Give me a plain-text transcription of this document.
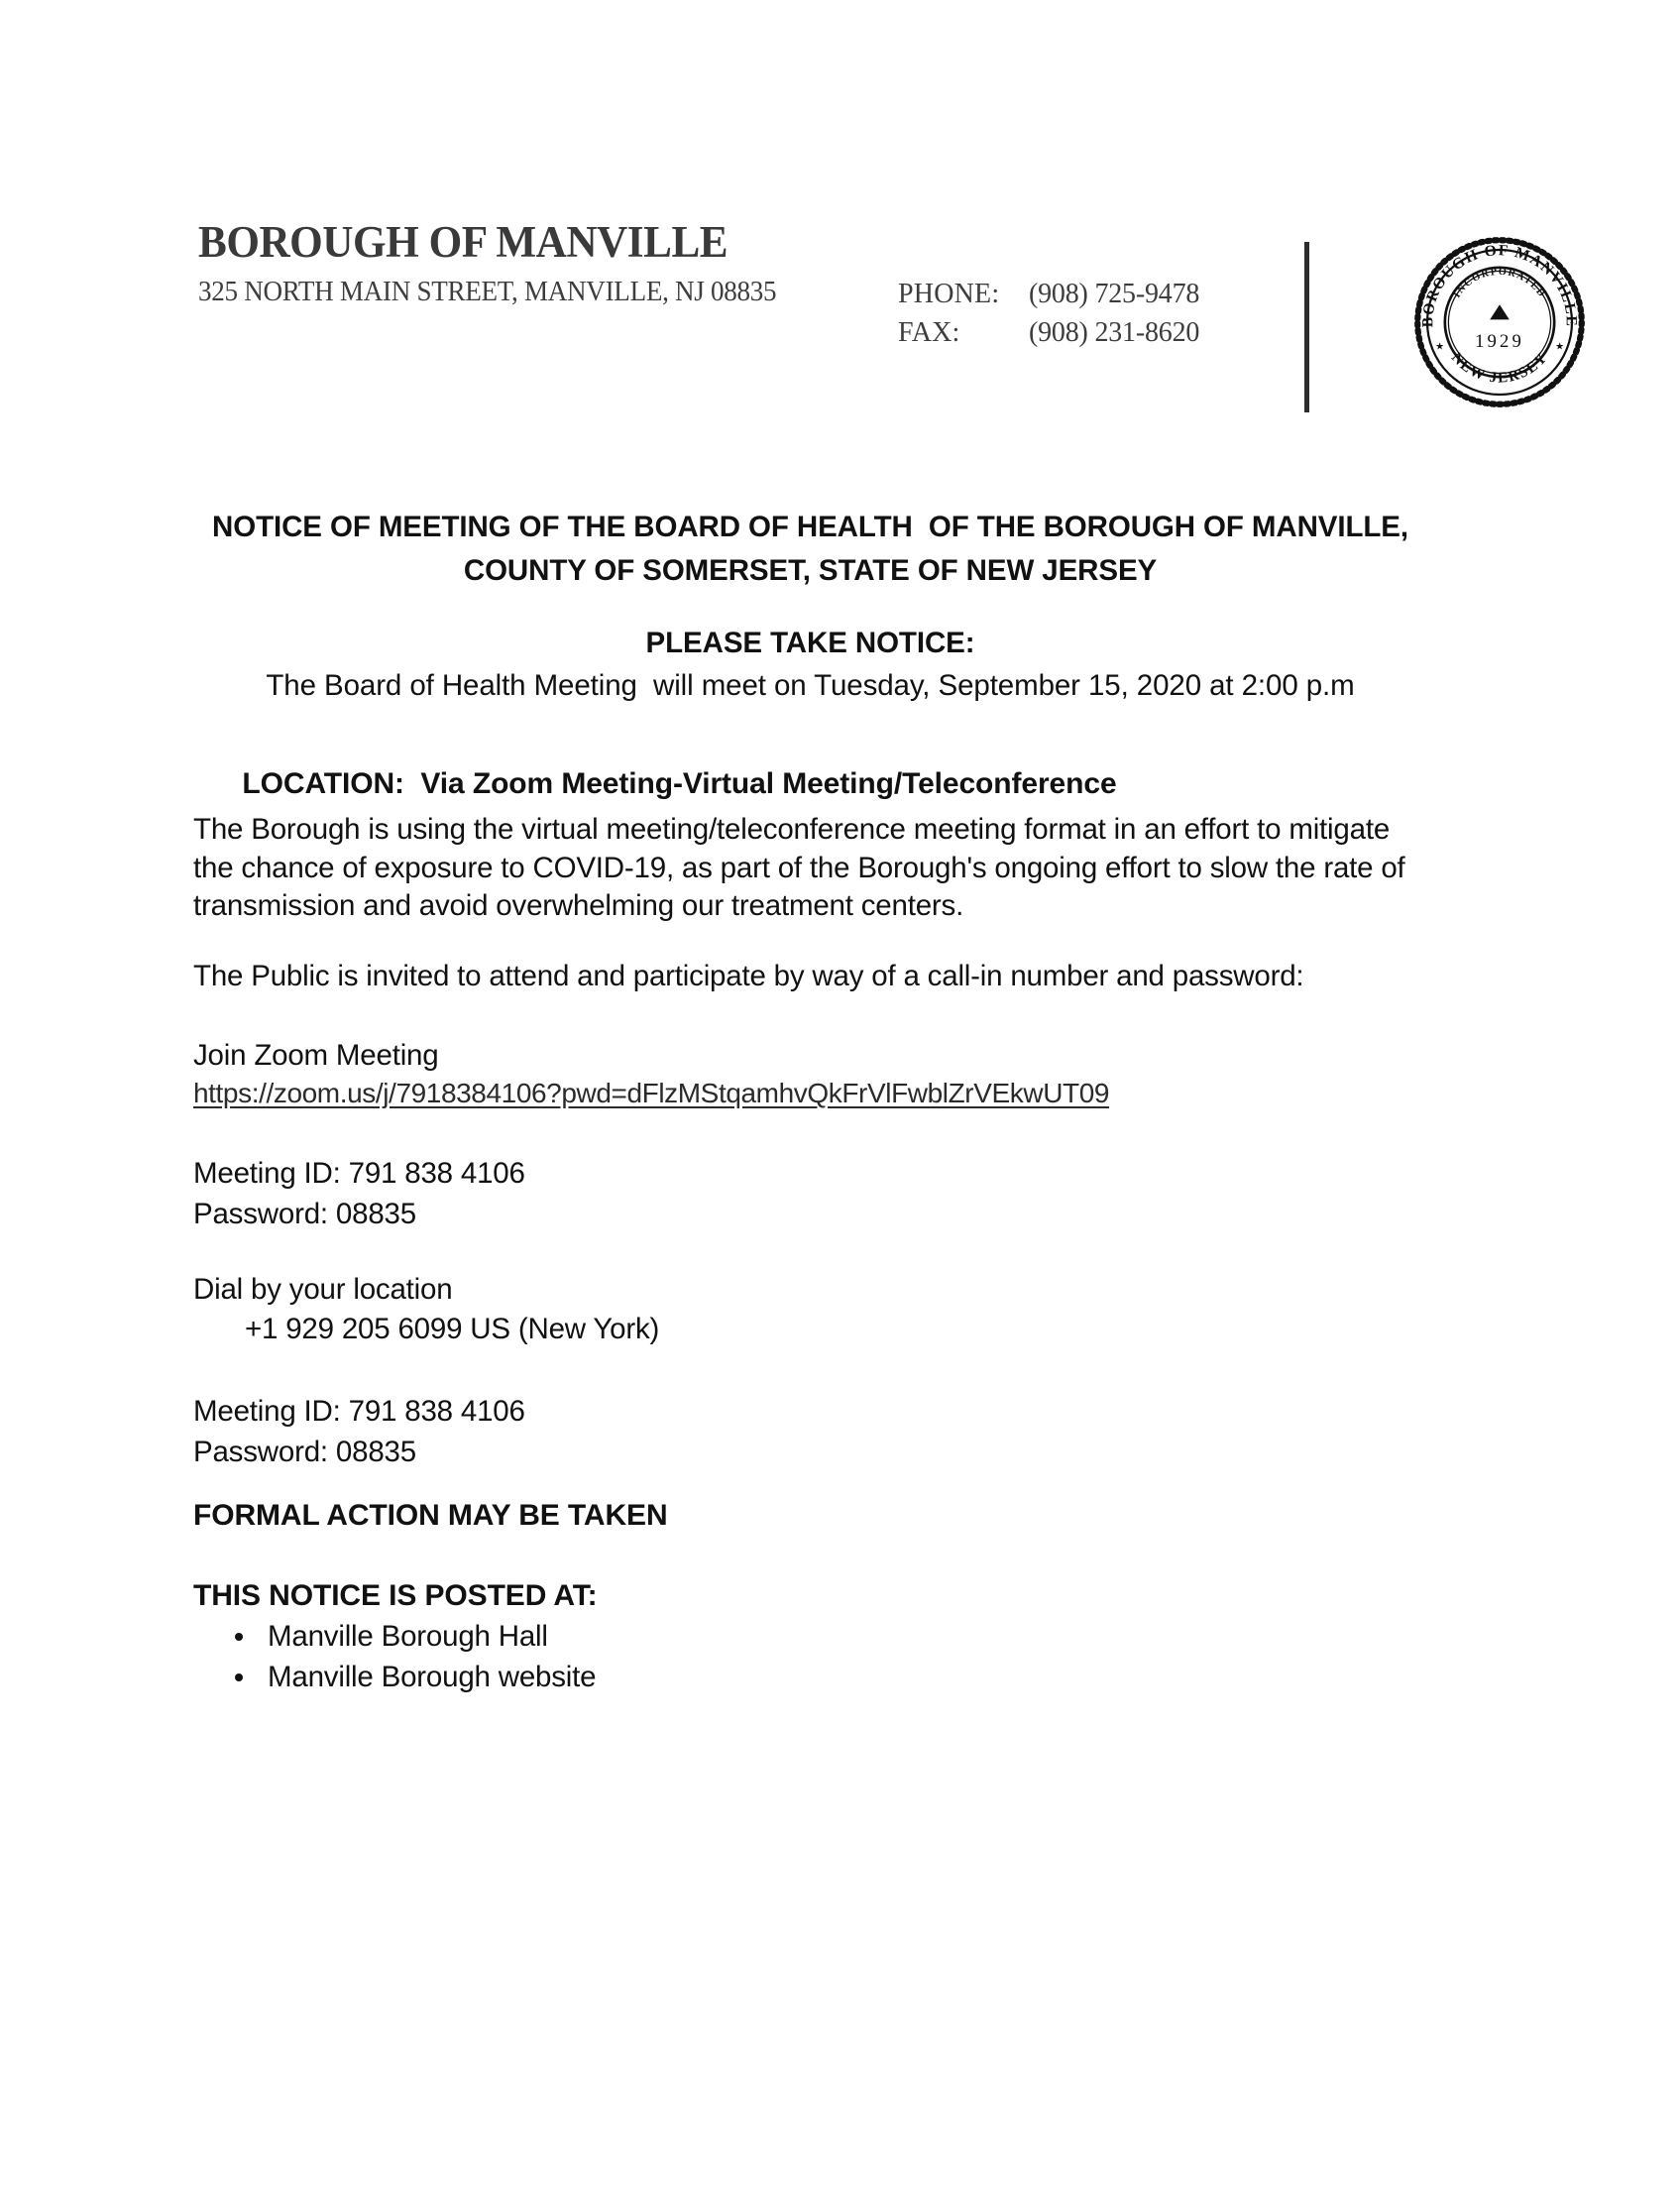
BOROUGH OF MANVILLE
325 NORTH MAIN STREET, MANVILLE, NJ 08835	PHONE: (908) 725-9478
FAX: (908) 231-8620	BOROUGH OF MANVILLE
NEW JERSEY
INCORPORATED
1929
★	★
NOTICE OF MEETING OF THE BOARD OF HEALTH  OF THE BOROUGH OF MANVILLE, COUNTY OF SOMERSET, STATE OF NEW JERSEY
PLEASE TAKE NOTICE:
The Board of Health Meeting  will meet on Tuesday, September 15, 2020 at 2:00 p.m

LOCATION: Via Zoom Meeting-Virtual Meeting/Teleconference

The Borough is using the virtual meeting/teleconference meeting format in an effort to mitigate the chance of exposure to COVID-19, as part of the Borough's ongoing effort to slow the rate of transmission and avoid overwhelming our treatment centers.
The Public is invited to attend and participate by way of a call-in number and password:
Join Zoom Meeting
https://zoom.us/j/7918384106?pwd=dFlzMStqamhvQkFrVlFwblZrVEkwUT09
Meeting ID: 791 838 4106
Password: 08835
Dial by your location
+1 929 205 6099 US (New York)
Meeting ID: 791 838 4106
Password: 08835
FORMAL ACTION MAY BE TAKEN
THIS NOTICE IS POSTED AT:
Manville Borough Hall
Manville Borough website
